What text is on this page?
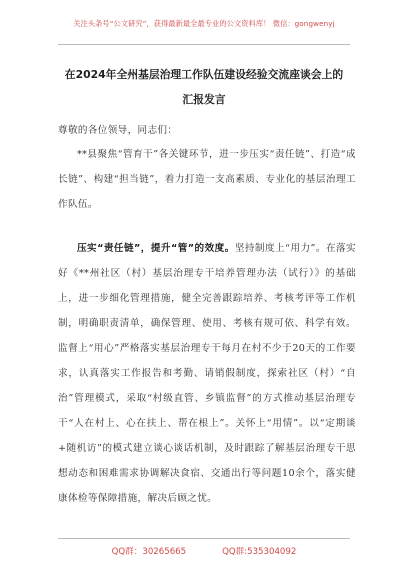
关注头条号“公文研究”，获得最新最全最专业的公文资料库！ 微信：gongwenyj
在2024年全州基层治理工作队伍建设经验交流座谈会上的
汇报发言
尊敬的各位领导，同志们：
**县聚焦“管育干”各关键环节，进一步压实“责任链”、打造“成长链”、构建“担当链”，着力打造一支高素质、专业化的基层治理工作队伍。
压实“责任链”，提升“管”的效度。坚持制度上“用力”。在落实好《**州社区（村）基层治理专干培养管理办法（试行）》的基础上，进一步细化管理措施，健全完善跟踪培养、考核考评等工作机制，明确职责清单，确保管理、使用、考核有规可依、科学有效。监督上“用心”严格落实基层治理专干每月在村不少于20天的工作要求，认真落实工作报告和考勤、请销假制度，探索社区（村）“自治”管理模式，采取“村级直管、乡镇监督”的方式推动基层治理专干“人在村上、心在扶上、帮在根上”。关怀上“用情”。以“定期谈+随机访”的模式建立谈心谈话机制，及时跟踪了解基层治理专干思想动态和困难需求协调解决食宿、交通出行等问题10余个，落实健康体检等保障措施，解决后顾之忧。
QQ群：30265665	QQ群:535304092
